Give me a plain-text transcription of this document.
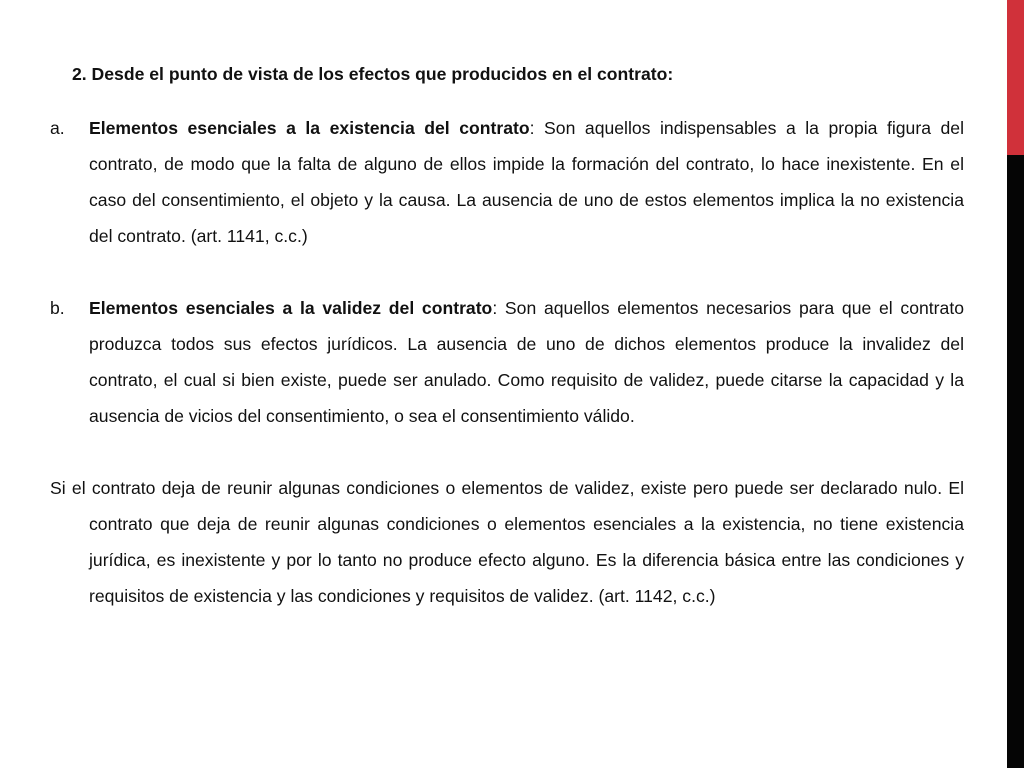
2. Desde el punto de vista de los efectos que producidos en el contrato:
a. Elementos esenciales a la existencia del contrato: Son aquellos indispensables a la propia figura del contrato, de modo que la falta de alguno de ellos impide la formación del contrato, lo hace inexistente. En el caso del consentimiento, el objeto y la causa. La ausencia de uno de estos elementos implica la no existencia del contrato. (art. 1141, c.c.)
b. Elementos esenciales a la validez del contrato: Son aquellos elementos necesarios para que el contrato produzca todos sus efectos jurídicos. La ausencia de uno de dichos elementos produce la invalidez del contrato, el cual si bien existe, puede ser anulado. Como requisito de validez, puede citarse la capacidad y la ausencia de vicios del consentimiento, o sea el consentimiento válido.

Si el contrato deja de reunir algunas condiciones o elementos de validez, existe pero puede ser declarado nulo. El contrato que deja de reunir algunas condiciones o elementos esenciales a la existencia, no tiene existencia jurídica, es inexistente y por lo tanto no produce efecto alguno. Es la diferencia básica entre las condiciones y requisitos de existencia y las condiciones y requisitos de validez. (art. 1142, c.c.)
